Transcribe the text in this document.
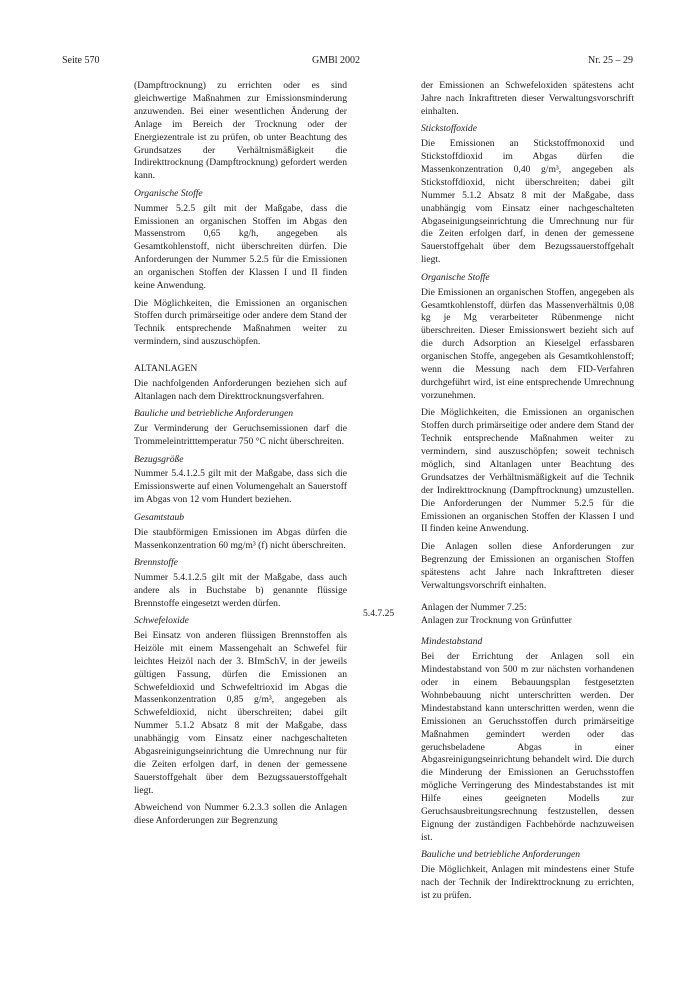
Seite 570	GMBl 2002	Nr. 25 – 29

(Dampftrocknung) zu errichten oder es sind gleichwertige Maßnahmen zur Emissionsminderung anzuwenden. Bei einer wesentlichen Änderung der Anlage im Bereich der Trocknung oder der Energiezentrale ist zu prüfen, ob unter Beachtung des Grundsatzes der Verhältnismäßigkeit die Indirekttrocknung (Dampftrocknung) gefordert werden kann.

Organische Stoffe

Nummer 5.2.5 gilt mit der Maßgabe, dass die Emissionen an organischen Stoffen im Abgas den Massenstrom 0,65 kg/h, angegeben als Gesamtkohlenstoff, nicht überschreiten dürfen. Die Anforderungen der Nummer 5.2.5 für die Emissionen an organischen Stoffen der Klassen I und II finden keine Anwendung.

Die Möglichkeiten, die Emissionen an organischen Stoffen durch primärseitige oder andere dem Stand der Technik entsprechende Maßnahmen weiter zu vermindern, sind auszuschöpfen.

ALTANLAGEN

Die nachfolgenden Anforderungen beziehen sich auf Altanlagen nach dem Direkttrocknungsverfahren.

Bauliche und betriebliche Anforderungen

Zur Verminderung der Geruchsemissionen darf die Trommeleintritttemperatur 750 °C nicht überschreiten.

Bezugsgröße

Nummer 5.4.1.2.5 gilt mit der Maßgabe, dass sich die Emissionswerte auf einen Volumengehalt an Sauerstoff im Abgas von 12 vom Hundert beziehen.

Gesamtstaub

Die staubförmigen Emissionen im Abgas dürfen die Massenkonzentration 60 mg/m³ (f) nicht überschreiten.

Brennstoffe

Nummer 5.4.1.2.5 gilt mit der Maßgabe, dass auch andere als in Buchstabe b) genannte flüssige Brennstoffe eingesetzt werden dürfen.

Schwefeloxide

Bei Einsatz von anderen flüssigen Brennstoffen als Heizöle mit einem Massengehalt an Schwefel für leichtes Heizöl nach der 3. BImSchV, in der jeweils gültigen Fassung, dürfen die Emissionen an Schwefeldioxid und Schwefeltrioxid im Abgas die Massenkonzentration 0,85 g/m³, angegeben als Schwefeldioxid, nicht überschreiten; dabei gilt Nummer 5.1.2 Absatz 8 mit der Maßgabe, dass unabhängig vom Einsatz einer nachgeschalteten Abgasreinigungseinrichtung die Umrechnung nur für die Zeiten erfolgen darf, in denen der gemessene Sauerstoffgehalt über dem Bezugssauerstoffgehalt liegt.

Abweichend von Nummer 6.2.3.3 sollen die Anlagen diese Anforderungen zur Begrenzung

5.4.7.25

der Emissionen an Schwefeloxiden spätestens acht Jahre nach Inkrafttreten dieser Verwaltungsvorschrift einhalten.

Stickstoffoxide

Die Emissionen an Stickstoffmonoxid und Stickstoffdioxid im Abgas dürfen die Massenkonzentration 0,40 g/m³, angegeben als Stickstoffdioxid, nicht überschreiten; dabei gilt Nummer 5.1.2 Absatz 8 mit der Maßgabe, dass unabhängig vom Einsatz einer nachgeschalteten Abgaseinigungseinrichtung die Umrechnung nur für die Zeiten erfolgen darf, in denen der gemessene Sauerstoffgehalt über dem Bezugssauerstoffgehalt liegt.

Organische Stoffe

Die Emissionen an organischen Stoffen, angegeben als Gesamtkohlenstoff, dürfen das Massenverhältnis 0,08 kg je Mg verarbeiteter Rübenmenge nicht überschreiten. Dieser Emissionswert bezieht sich auf die durch Adsorption an Kieselgel erfassbaren organischen Stoffe, angegeben als Gesamtkohlenstoff; wenn die Messung nach dem FID-Verfahren durchgeführt wird, ist eine entsprechende Umrechnung vorzunehmen.

Die Möglichkeiten, die Emissionen an organischen Stoffen durch primärseitige oder andere dem Stand der Technik entsprechende Maßnahmen weiter zu vermindern, sind auszuschöpfen; soweit technisch möglich, sind Altanlagen unter Beachtung des Grundsatzes der Verhältnismäßigkeit auf die Technik der Indirekttrocknung (Dampftrocknung) umzustellen. Die Anforderungen der Nummer 5.2.5 für die Emissionen an organischen Stoffen der Klassen I und II finden keine Anwendung.

Die Anlagen sollen diese Anforderungen zur Begrenzung der Emissionen an organischen Stoffen spätestens acht Jahre nach Inkrafttreten dieser Verwaltungsvorschrift einhalten.

Anlagen der Nummer 7.25:
Anlagen zur Trocknung von Grünfutter
Mindestabstand

Bei der Errichtung der Anlagen soll ein Mindestabstand von 500 m zur nächsten vorhandenen oder in einem Bebauungsplan festgesetzten Wohnbebauung nicht unterschritten werden. Der Mindestabstand kann unterschritten werden, wenn die Emissionen an Geruchsstoffen durch primärseitige Maßnahmen gemindert werden oder das geruchsbeladene Abgas in einer Abgasreinigungseinrichtung behandelt wird. Die durch die Minderung der Emissionen an Geruchsstoffen mögliche Verringerung des Mindestabstandes ist mit Hilfe eines geeigneten Modells zur Geruchsausbreitungsrechnung festzustellen, dessen Eignung der zuständigen Fachbehörde nachzuweisen ist.

Bauliche und betriebliche Anforderungen

Die Möglichkeit, Anlagen mit mindestens einer Stufe nach der Technik der Indirekttrocknung zu errichten, ist zu prüfen.
